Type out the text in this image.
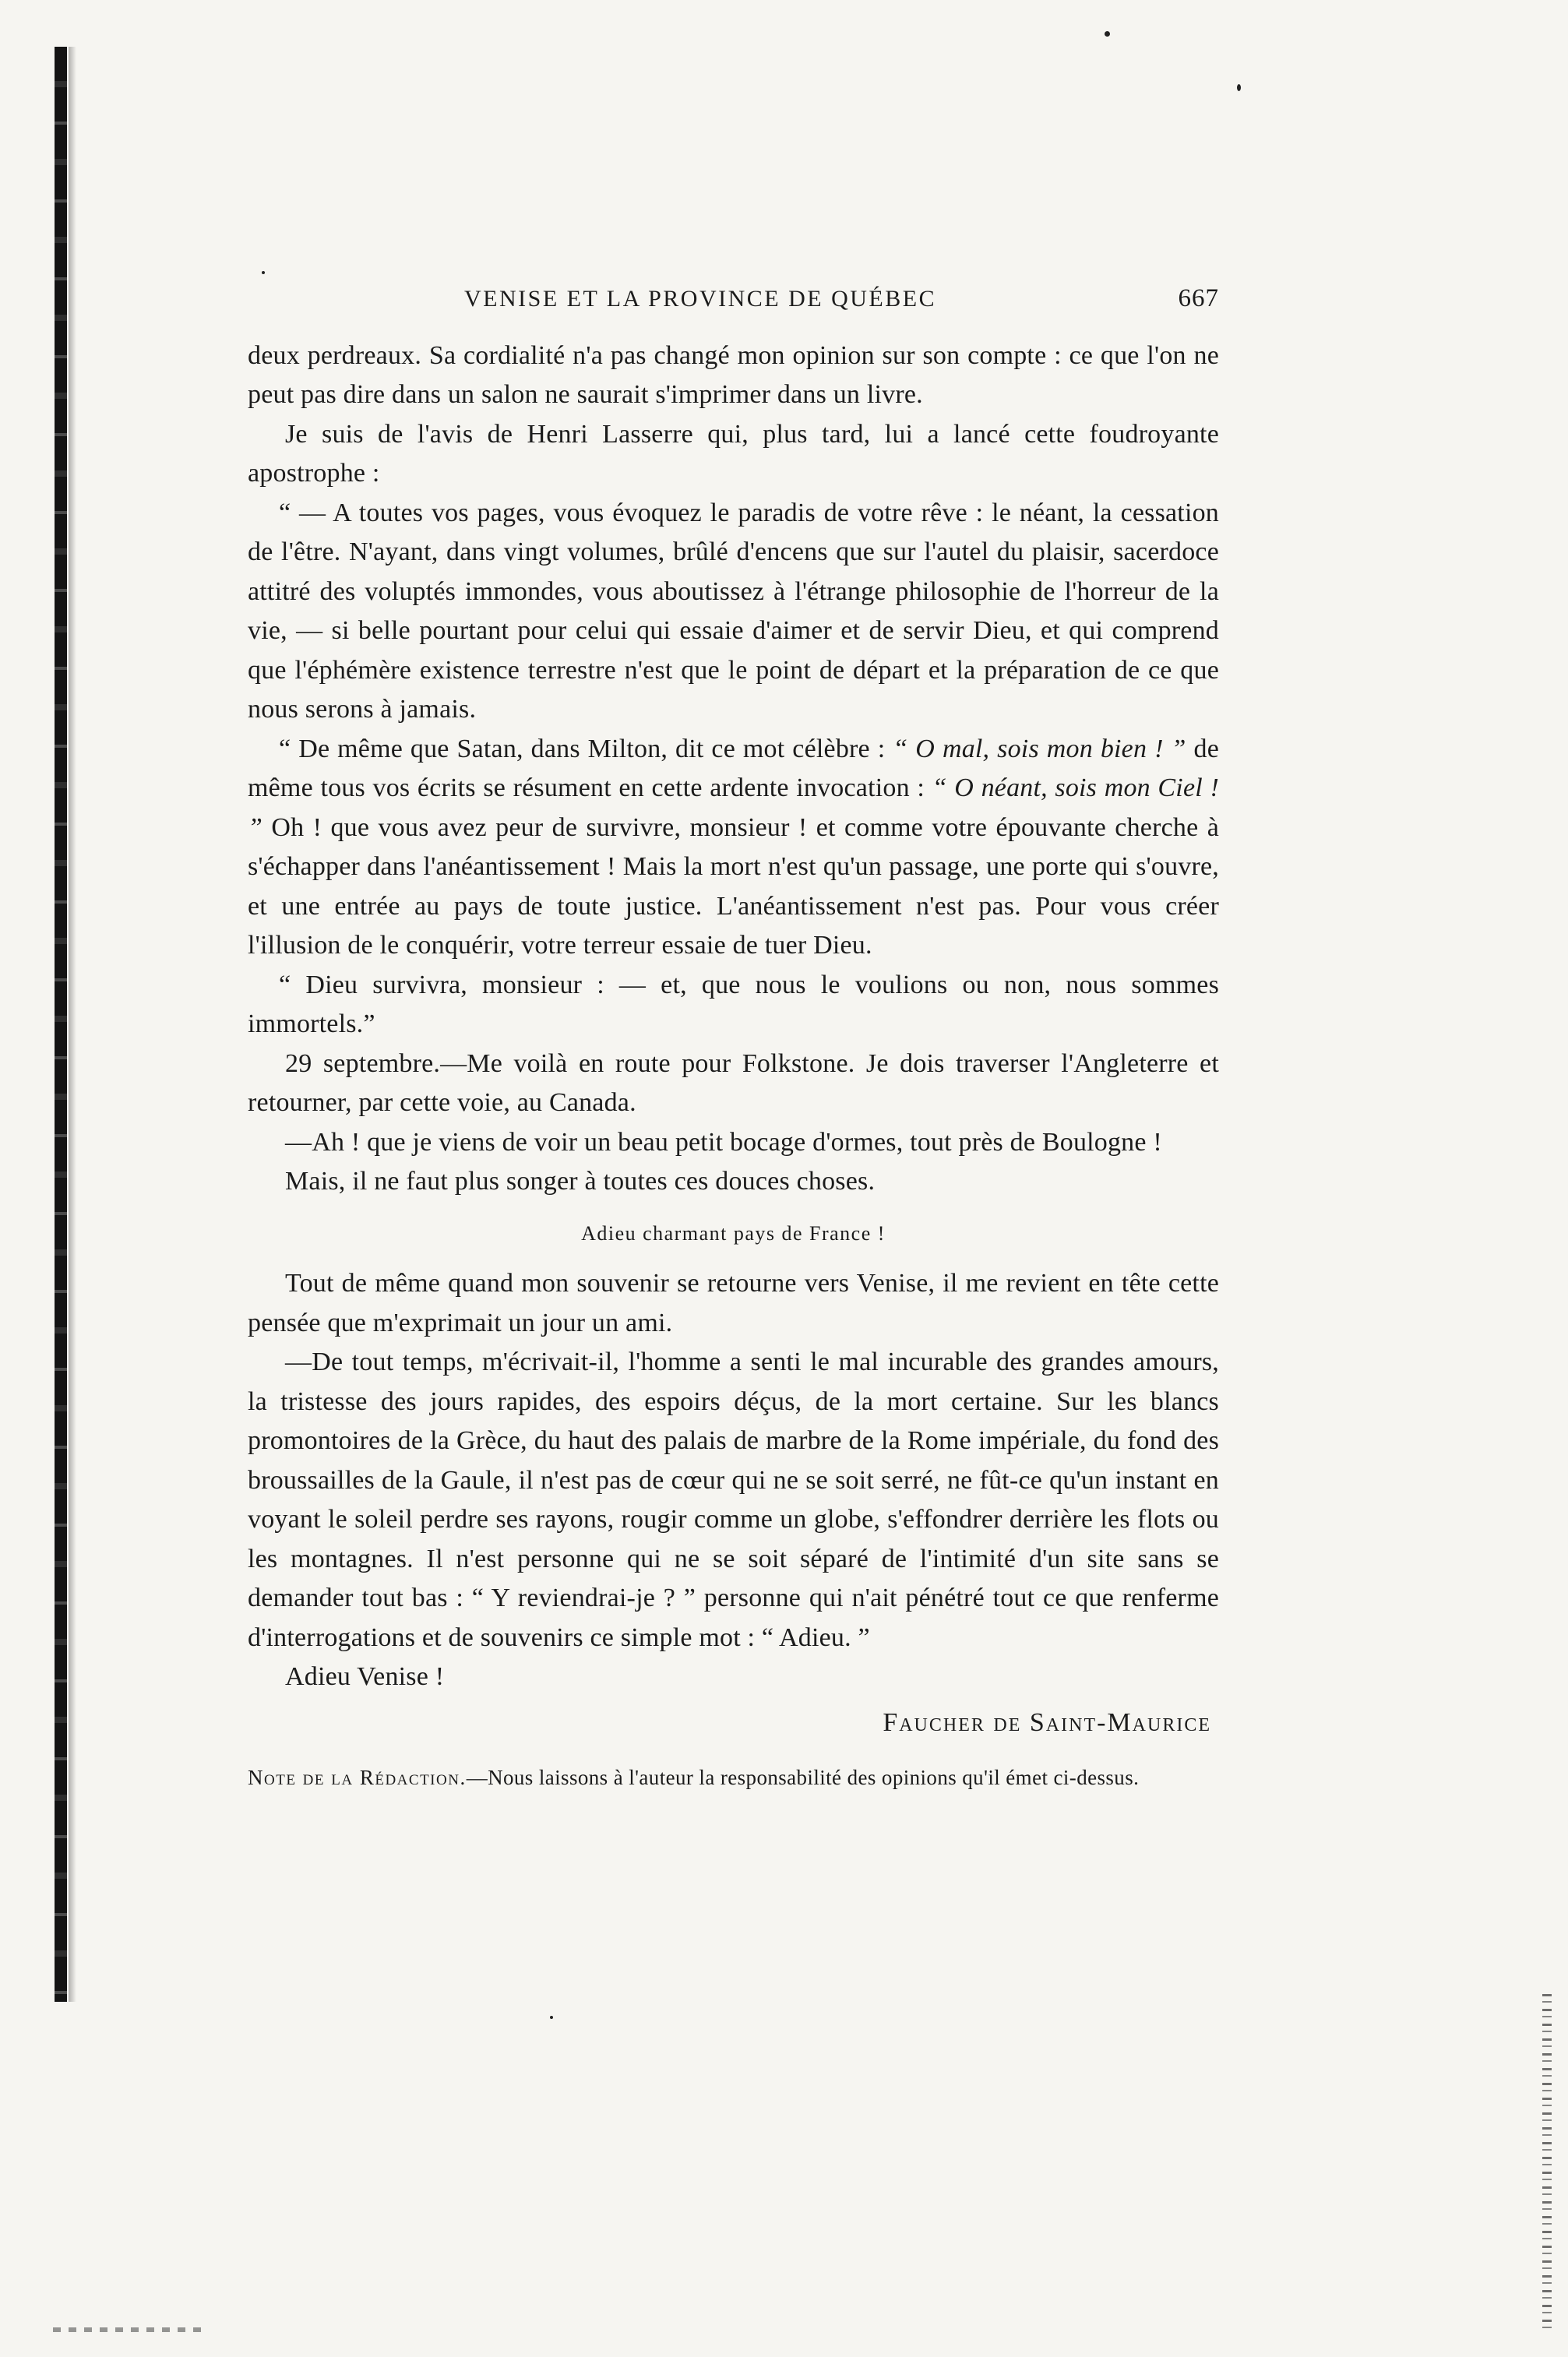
VENISE ET LA PROVINCE DE QUÉBEC	667

deux perdreaux. Sa cordialité n'a pas changé mon opinion sur son compte : ce que l'on ne peut pas dire dans un salon ne saurait s'imprimer dans un livre.

Je suis de l'avis de Henri Lasserre qui, plus tard, lui a lancé cette foudroyante apostrophe :

“ — A toutes vos pages, vous évoquez le paradis de votre rêve : le néant, la cessation de l'être. N'ayant, dans vingt volumes, brûlé d'encens que sur l'autel du plaisir, sacerdoce attitré des voluptés immondes, vous aboutissez à l'étrange philosophie de l'horreur de la vie, — si belle pourtant pour celui qui essaie d'aimer et de servir Dieu, et qui comprend que l'éphémère existence terrestre n'est que le point de départ et la préparation de ce que nous serons à jamais.

“ De même que Satan, dans Milton, dit ce mot célèbre : “ O mal, sois mon bien ! ” de même tous vos écrits se résument en cette ardente invocation : “ O néant, sois mon Ciel ! ” Oh ! que vous avez peur de survivre, monsieur ! et comme votre épouvante cherche à s'échapper dans l'anéantissement ! Mais la mort n'est qu'un passage, une porte qui s'ouvre, et une entrée au pays de toute justice. L'anéantissement n'est pas. Pour vous créer l'illusion de le conquérir, votre terreur essaie de tuer Dieu.

“ Dieu survivra, monsieur : — et, que nous le voulions ou non, nous sommes immortels.”

29 septembre.—Me voilà en route pour Folkstone. Je dois traverser l'Angleterre et retourner, par cette voie, au Canada.

—Ah ! que je viens de voir un beau petit bocage d'ormes, tout près de Boulogne !

Mais, il ne faut plus songer à toutes ces douces choses.

Adieu charmant pays de France !

Tout de même quand mon souvenir se retourne vers Venise, il me revient en tête cette pensée que m'exprimait un jour un ami.

—De tout temps, m'écrivait-il, l'homme a senti le mal incurable des grandes amours, la tristesse des jours rapides, des espoirs déçus, de la mort certaine. Sur les blancs promontoires de la Grèce, du haut des palais de marbre de la Rome impériale, du fond des broussailles de la Gaule, il n'est pas de cœur qui ne se soit serré, ne fût-ce qu'un instant en voyant le soleil perdre ses rayons, rougir comme un globe, s'effondrer derrière les flots ou les montagnes. Il n'est personne qui ne se soit séparé de l'intimité d'un site sans se demander tout bas : “ Y reviendrai-je ? ” personne qui n'ait pénétré tout ce que renferme d'interrogations et de souvenirs ce simple mot : “ Adieu. ”

Adieu Venise !

Faucher de Saint-Maurice
Note de la Rédaction.—Nous laissons à l'auteur la responsabilité des opinions qu'il émet ci-dessus.
